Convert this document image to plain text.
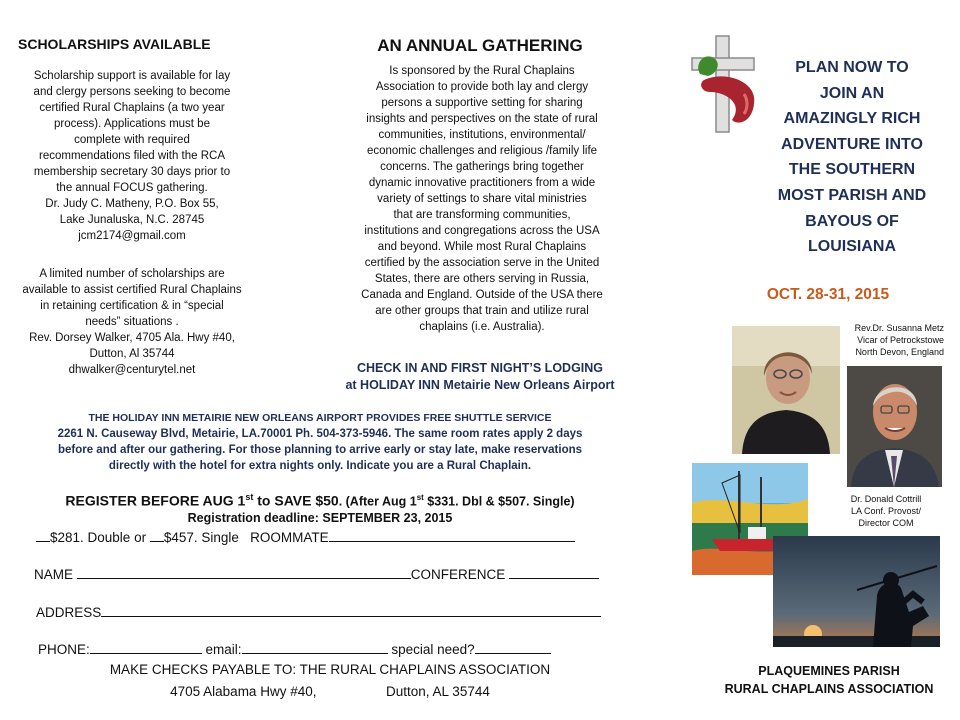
SCHOLARSHIPS AVAILABLE
Scholarship support is available for lay
and clergy persons seeking to become
certified Rural Chaplains (a two year
process). Applications must be
complete with required
recommendations filed with the RCA
membership secretary 30 days prior to
the annual FOCUS gathering.
Dr. Judy C. Matheny, P.O. Box 55,
Lake Junaluska, N.C. 28745
jcm2174@gmail.com
A limited number of scholarships are
available to assist certified Rural Chaplains
in retaining certification & in “special
needs” situations .
Rev. Dorsey Walker, 4705 Ala. Hwy #40,
Dutton, Al 35744
dhwalker@centurytel.net
AN ANNUAL GATHERING
Is sponsored by the Rural Chaplains
Association to provide both lay and clergy
persons a supportive setting for sharing
insights and perspectives on the state of rural
communities, institutions, environmental/
economic challenges and religious /family life
concerns. The gatherings bring together
dynamic innovative practitioners from a wide
variety of settings to share vital ministries
that are transforming communities,
institutions and congregations across the USA
and beyond. While most Rural Chaplains
certified by the association serve in the United
States, there are others serving in Russia,
Canada and England. Outside of the USA there
are other groups that train and utilize rural
chaplains (i.e. Australia).
CHECK IN AND FIRST NIGHT’S LODGING
at HOLIDAY INN Metairie New Orleans Airport
THE HOLIDAY INN METAIRIE NEW ORLEANS AIRPORT PROVIDES FREE SHUTTLE SERVICE
2261 N. Causeway Blvd, Metairie, LA.70001 Ph. 504-373-5946. The same room rates apply 2 days
before and after our gathering. For those planning to arrive early or stay late, make reservations
directly with the hotel for extra nights only. Indicate you are a Rural Chaplain.
REGISTER BEFORE AUG 1st to SAVE $50. (After Aug 1st $331. Dbl & $507. Single)
Registration deadline: SEPTEMBER 23, 2015
$281. Double or $457. Single ROOMMATE
NAME	CONFERENCE
ADDRESS
PHONE:	email:	special need?
MAKE CHECKS PAYABLE TO: THE RURAL CHAPLAINS ASSOCIATION
4705 Alabama Hwy #40,	Dutton, AL 35744
PLAN NOW TO
JOIN AN
AMAZINGLY RICH
ADVENTURE INTO
THE SOUTHERN
MOST PARISH AND
BAYOUS OF
LOUISIANA
OCT. 28-31, 2015
Rev.Dr. Susanna Metz
Vicar of Petrockstowe
North Devon, England
Dr. Donald Cottrill
LA Conf. Provost/
Director COM
PLAQUEMINES PARISH
RURAL CHAPLAINS ASSOCIATION
